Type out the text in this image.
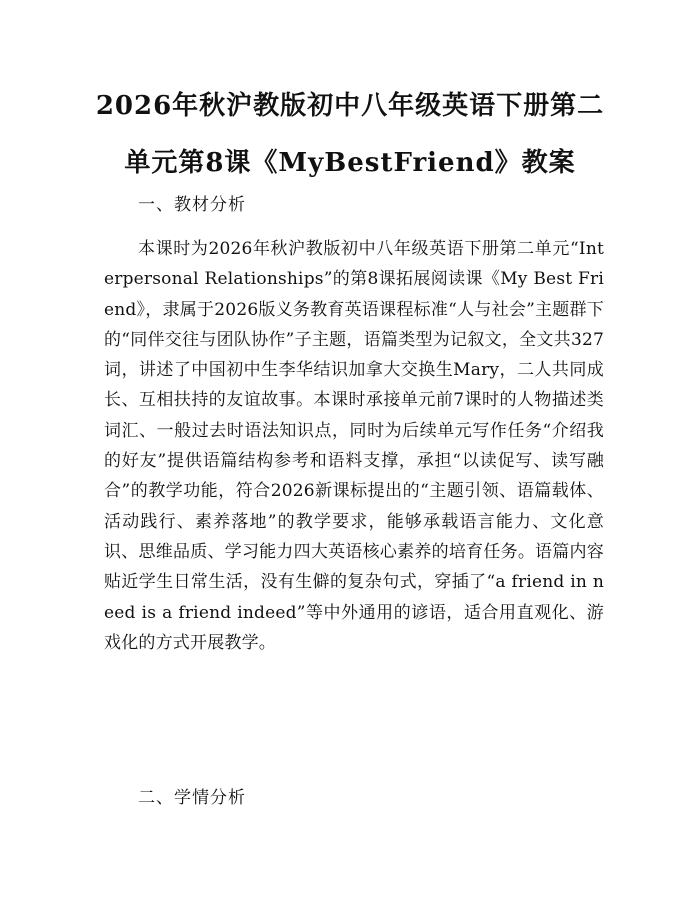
2026年秋沪教版初中八年级英语下册第二单元第8课《MyBestFriend》教案
一、教材分析
本课时为2026年秋沪教版初中八年级英语下册第二单元“Interpersonal Relationships”的第8课拓展阅读课《My Best Friend》，隶属于2026版义务教育英语课程标准“人与社会”主题群下的“同伴交往与团队协作”子主题，语篇类型为记叙文，全文共327词，讲述了中国初中生李华结识加拿大交换生Mary，二人共同成长、互相扶持的友谊故事。本课时承接单元前7课时的人物描述类词汇、一般过去时语法知识点，同时为后续单元写作任务“介绍我的好友”提供语篇结构参考和语料支撑，承担“以读促写、读写融合”的教学功能，符合2026新课标提出的“主题引领、语篇载体、活动践行、素养落地”的教学要求，能够承载语言能力、文化意识、思维品质、学习能力四大英语核心素养的培育任务。语篇内容贴近学生日常生活，没有生僻的复杂句式，穿插了“a friend in need is a friend indeed”等中外通用的谚语，适合用直观化、游戏化的方式开展教学。
二、学情分析
